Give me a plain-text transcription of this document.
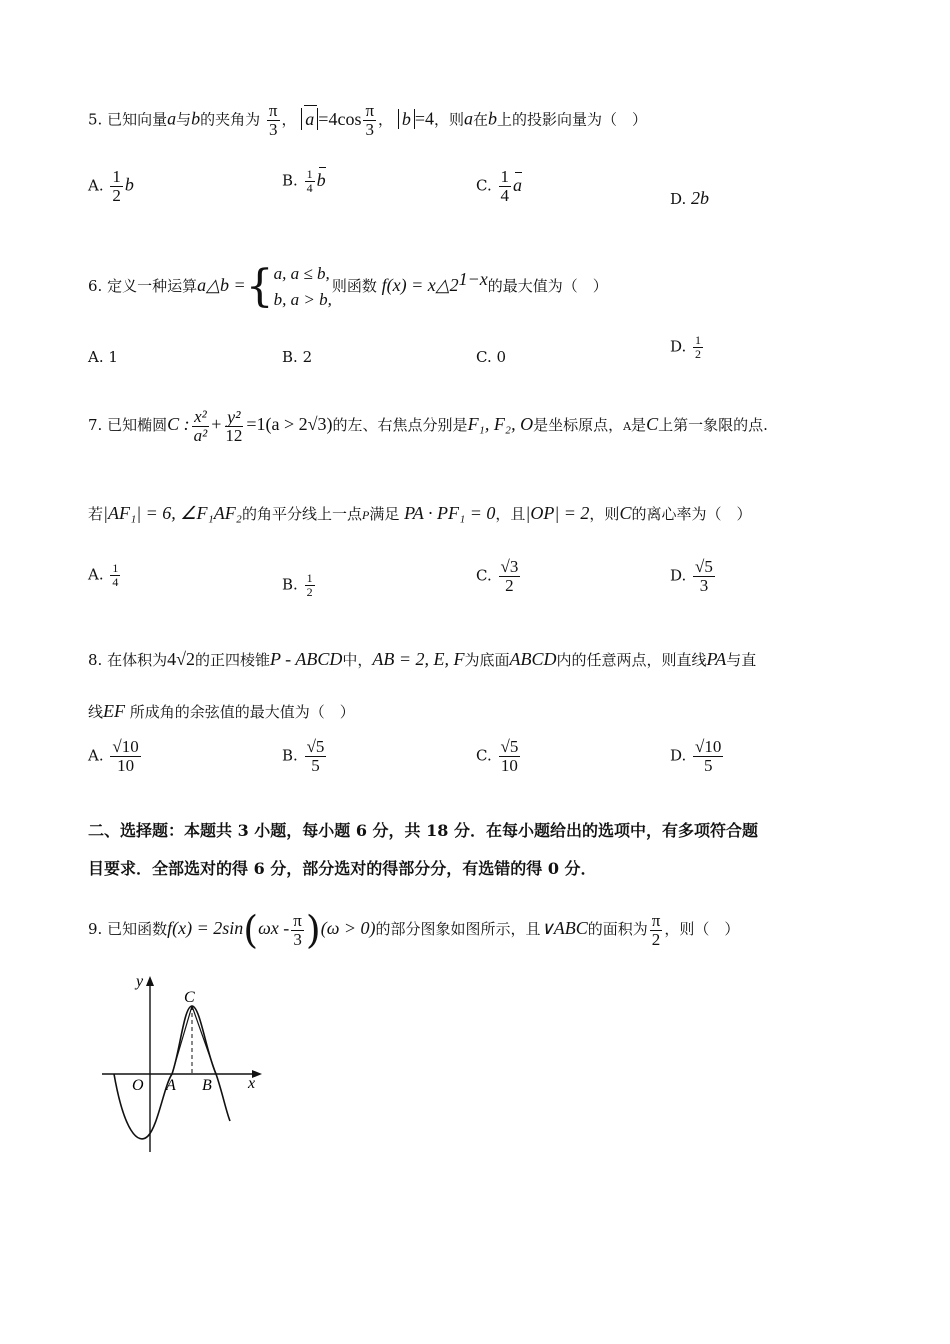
5. 已知向量a与b的夹角为 $\frac{\pi}{3}$ ， $a =4\cos \frac{\pi}{3}$ ， b =4，则a在b上的投影向量为（　）
A. $\frac{1}{2}$ b	B. $\frac{1}{4}$ b	C. $\frac{1}{4}$ a
D. 2b
6. 定义一种运算a△b ={ a, a ≤ b,
b, a > b,
则函数 $f(x) = x\triangle 2^{1-x}$的最大值为（　）
A. 1	B. 2	C. 0
D. $\frac{1}{2}$
7. 已知椭圆C : $\frac{\text{x²}}{\text{a²}} + \frac{\text{y²}}{12} =1(a > 2√3)$的左、右焦点分别是F₁, F₂, O是坐标原点，A是C上第一象限的点.
若|AF₁| = 6, ∠F₁AF₂的角平分线上一点P满足 PA · PF₁ = 0，且|OP| = 2，则C的离心率为（　）
A. $\frac{1}{4}$	B. $\frac{1}{2}$	C. $\frac{√3}{2}$	D. $\frac{√5}{3}$
8. 在体积为4√2的正四棱锥P - ABCD中，AB = 2, E, F为底面ABCD内的任意两点，则直线PA与直
线EF 所成角的余弦值的最大值为（　）
A. $\frac{√10}{10}$	B. $\frac{√5}{5}$	C. $\frac{√5}{10}$	D. $\frac{√10}{5}$
二、选择题：本题共 3 小题，每小题 6 分，共 18 分．在每小题给出的选项中，有多项符合题
目要求．全部选对的得 6 分，部分选对的得部分分，有选错的得 0 分．
9. 已知函数$f(x) = 2\sin(\omega x - \frac{\pi}{3} )(\omega > 0)$的部分图象如图所示，且∨ABC的面积为 $\frac{\pi}{2}$ ，则（　）
y
x
O A B
C
